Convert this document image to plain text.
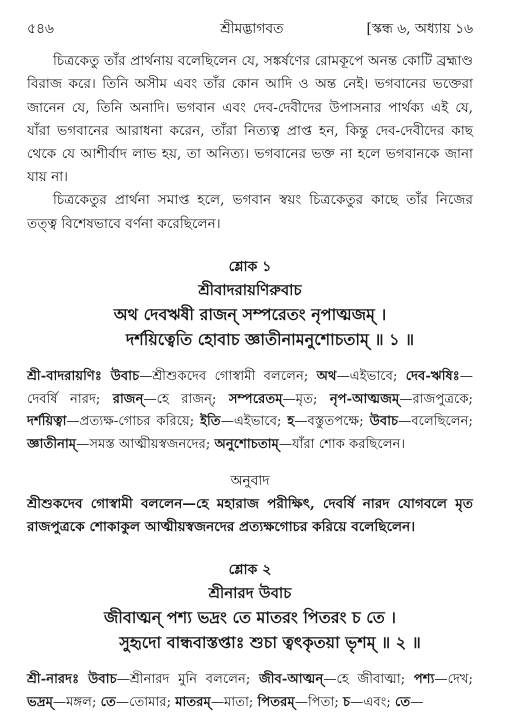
৫৪৬	শ্রীমদ্ভাগবত	[স্কন্ধ ৬, অধ্যায় ১৬

চিত্রকেতু তাঁর প্রার্থনায় বলেছিলেন যে, সঙ্কর্ষণের রোমকূপে অনন্ত কোটি ব্রহ্মাণ্ড বিরাজ করে। তিনি অসীম এবং তাঁর কোন আদি ও অন্ত নেই। ভগবানের ভক্তেরা জানেন যে, তিনি অনাদি। ভগবান এবং দেব-দেবীদের উপাসনার পার্থক্য এই যে, যাঁরা ভগবানের আরাধনা করেন, তাঁরা নিত্যত্ব প্রাপ্ত হন, কিন্তু দেব-দেবীদের কাছ থেকে যে আশীর্বাদ লাভ হয়, তা অনিত্য। ভগবানের ভক্ত না হলে ভগবানকে জানা যায় না।

চিত্রকেতুর প্রার্থনা সমাপ্ত হলে, ভগবান স্বয়ং চিত্রকেতুর কাছে তাঁর নিজের তত্ত্ব বিশেষভাবে বর্ণনা করেছিলেন।

শ্লোক ১
শ্রীবাদরায়ণিরুবাচ
অথ দেবঋষী রাজন্ সম্পরেতং নৃপাত্মজম্ ।
দর্শয়িত্বেতি হোবাচ জ্ঞাতীনামনুশোচতাম্ ॥ ১ ॥

শ্রী-বাদরায়ণিঃ উবাচ—শ্রীশুকদেব গোস্বামী বললেন; অথ—এইভাবে; দেব-ঋষিঃ—দেবর্ষি নারদ; রাজন্—হে রাজন্; সম্পরেতম্—মৃত; নৃপ-আত্মজম্—রাজপুত্রকে; দর্শয়িত্বা—প্রত্যক্ষ-গোচর করিয়ে; ইতি—এইভাবে; হ—বস্তুতপক্ষে; উবাচ—বলেছিলেন; জ্ঞাতীনাম্—সমস্ত আত্মীয়স্বজনদের; অনুশোচতাম্—যাঁরা শোক করছিলেন।

অনুবাদ

শ্রীশুকদেব গোস্বামী বললেন—হে মহারাজ পরীক্ষিৎ, দেবর্ষি নারদ যোগবলে মৃত রাজপুত্রকে শোকাকুল আত্মীয়স্বজনদের প্রত্যক্ষগোচর করিয়ে বলেছিলেন।

শ্লোক ২
শ্রীনারদ উবাচ
জীবাত্মন্ পশ্য ভদ্রং তে মাতরং পিতরং চ তে ।
সুহৃদো বান্ধবাস্তপ্তাঃ শুচা ত্বৎকৃতয়া ভৃশম্ ॥ ২ ॥

শ্রী-নারদঃ উবাচ—শ্রীনারদ মুনি বললেন; জীব-আত্মন্—হে জীবাত্মা; পশ্য—দেখ; ভদ্রম্—মঙ্গল; তে—তোমার; মাতরম্—মাতা; পিতরম্—পিতা; চ—এবং; তে—
